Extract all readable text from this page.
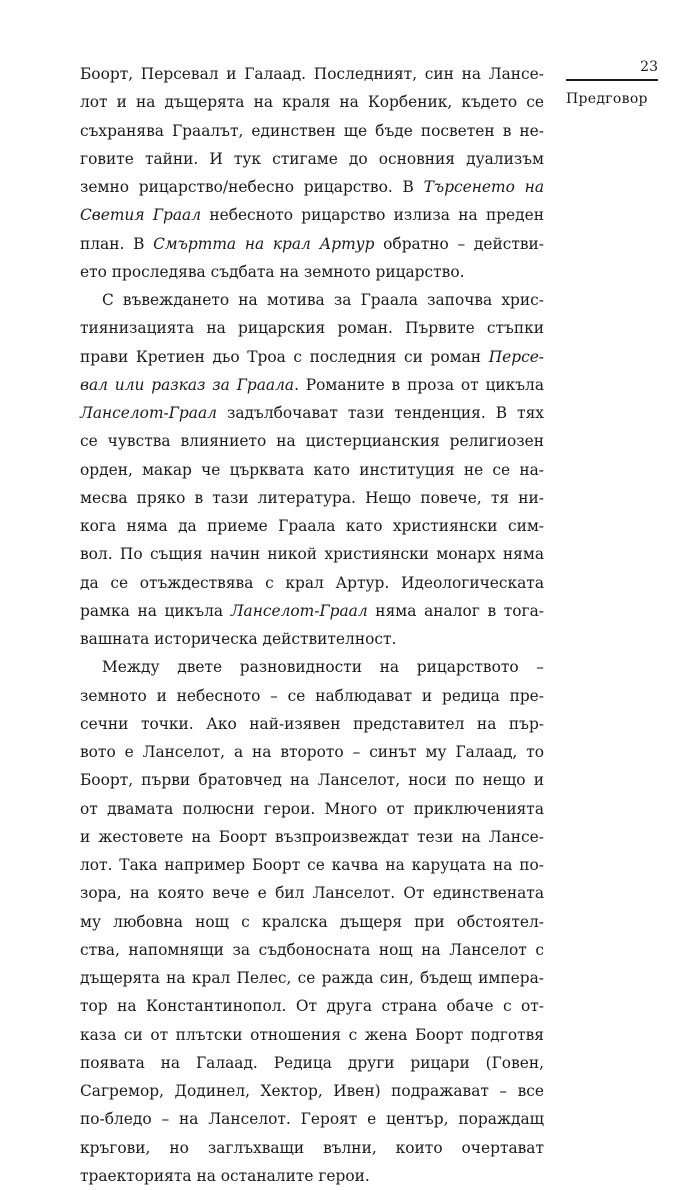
23
Предговор

Боорт, Персевал и Галаад. Последният, син на Лансе-
лот и на дъщерята на краля на Корбеник, където се
съхранява Граалът, единствен ще бъде посветен в не-
говите тайни. И тук стигаме до основния дуализъм
земно рицарство/небесно рицарство. В Търсенето на
Светия Граал небесното рицарство излиза на преден
план. В Смъртта на крал Артур обратно – действи-
ето проследява съдбата на земното рицарство.

С въвеждането на мотива за Граала започва хрис-
тиянизацията на рицарския роман. Първите стъпки
прави Кретиен дьо Троа с последния си роман Персе-
вал или разказ за Граала. Романите в проза от цикъла
Ланселот-Граал задълбочават тази тенденция. В тях
се чувства влиянието на цистерцианския религиозен
орден, макар че църквата като институция не се на-
месва пряко в тази литература. Нещо повече, тя ни-
кога няма да приеме Граала като християнски сим-
вол. По същия начин никой християнски монарх няма
да се отъждествява с крал Артур. Идеологическата
рамка на цикъла Ланселот-Граал няма аналог в тога-
вашната историческа действителност.

Между двете разновидности на рицарството –
земното и небесното – се наблюдават и редица пре-
сечни точки. Ако най-изявен представител на пър-
вото е Ланселот, а на второто – синът му Галаад, то
Боорт, първи братовчед на Ланселот, носи по нещо и
от двамата полюсни герои. Много от приключенията
и жестовете на Боорт възпроизвеждат тези на Лансе-
лот. Така например Боорт се качва на каруцата на по-
зора, на която вече е бил Ланселот. От единствената
му любовна нощ с кралска дъщеря при обстоятел-
ства, напомнящи за съдбоносната нощ на Ланселот с
дъщерята на крал Пелес, се ражда син, бъдещ импера-
тор на Константинопол. От друга страна обаче с от-
каза си от плътски отношения с жена Боорт подготвя
появата на Галаад. Редица други рицари (Говен,
Сагремор, Додинел, Хектор, Ивен) подражават – все
по-бледо – на Ланселот. Героят е център, пораждащ
кръгови, но заглъхващи вълни, които очертават
траекторията на останалите герои.
